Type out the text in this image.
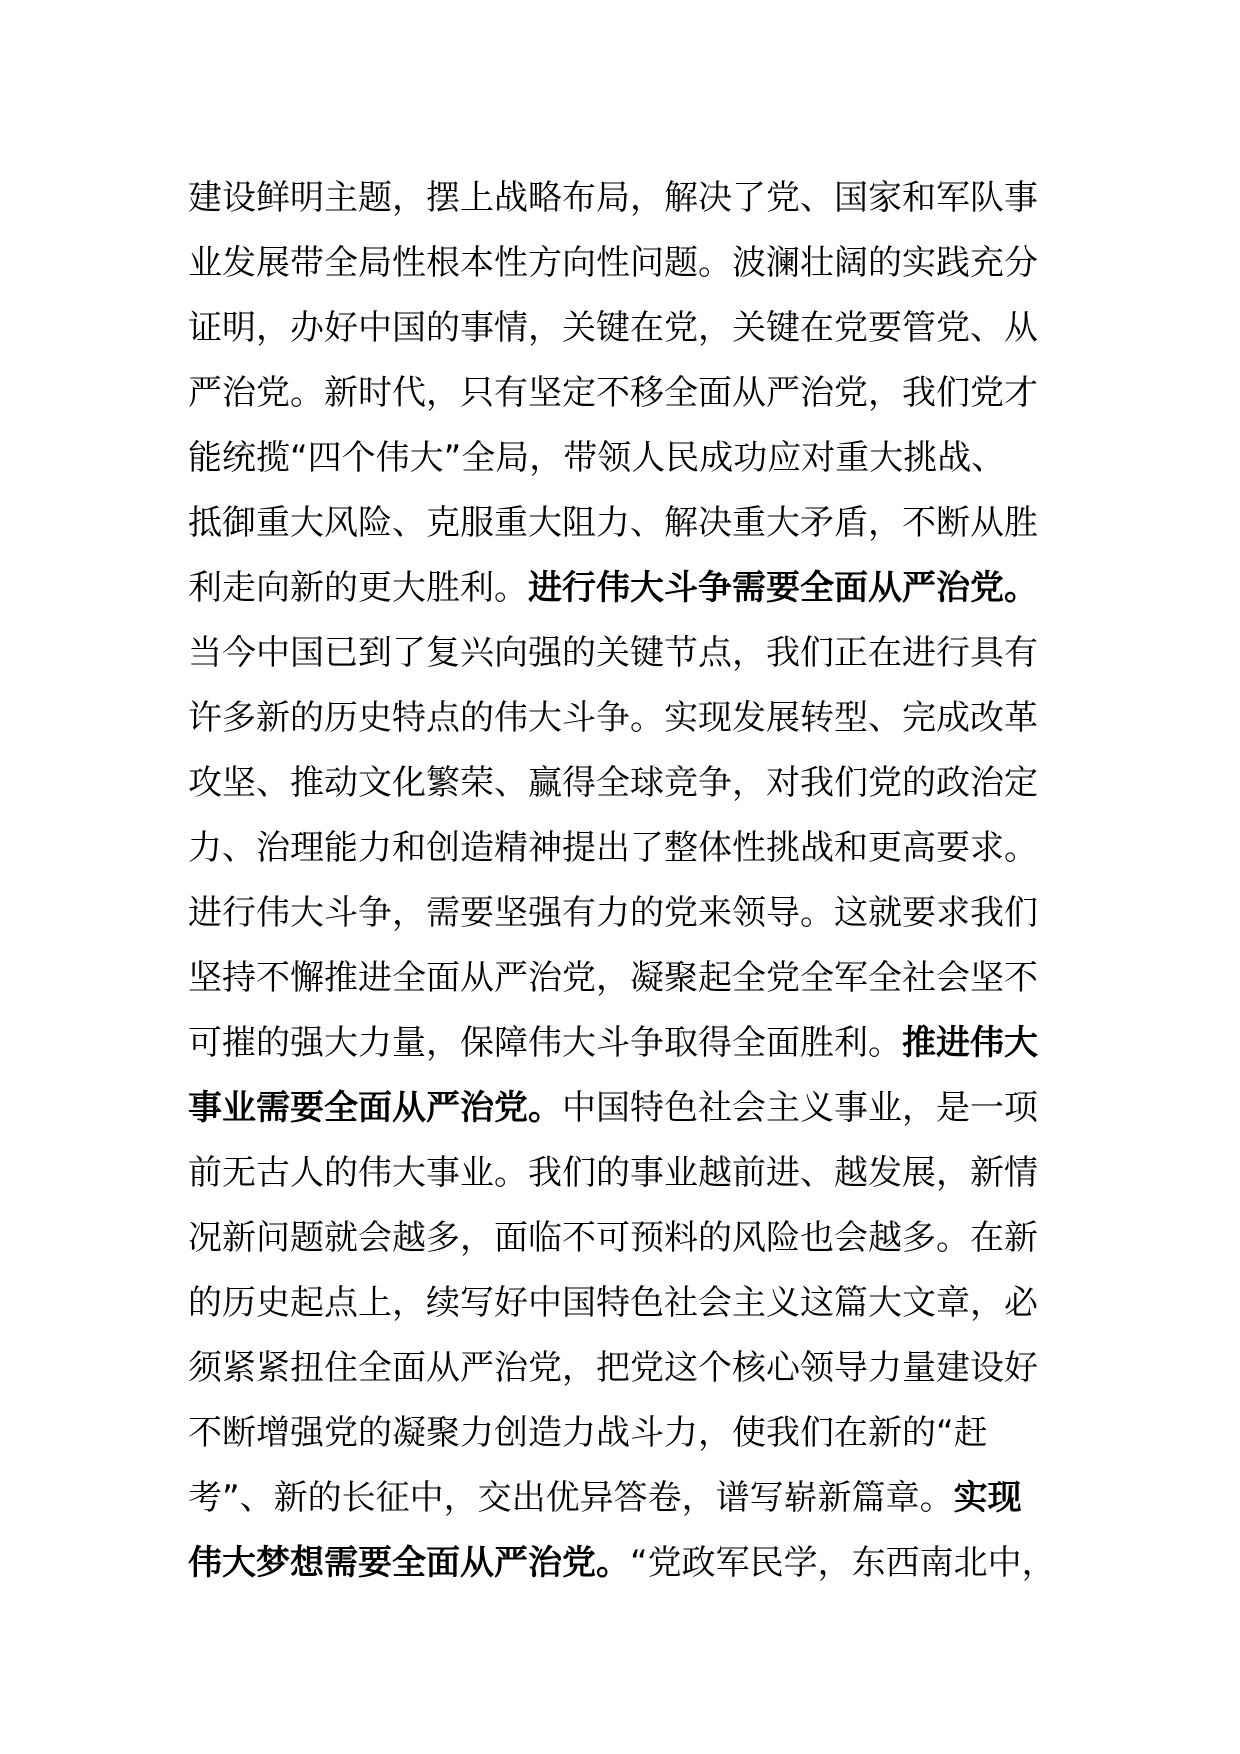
建设鲜明主题，摆上战略布局，解决了党、国家和军队事
业发展带全局性根本性方向性问题。波澜壮阔的实践充分
证明，办好中国的事情，关键在党，关键在党要管党、从
严治党。新时代，只有坚定不移全面从严治党，我们党才
能统揽“四个伟大”全局，带领人民成功应对重大挑战、
抵御重大风险、克服重大阻力、解决重大矛盾，不断从胜
利走向新的更大胜利。进行伟大斗争需要全面从严治党。
当今中国已到了复兴向强的关键节点，我们正在进行具有
许多新的历史特点的伟大斗争。实现发展转型、完成改革
攻坚、推动文化繁荣、赢得全球竞争，对我们党的政治定
力、治理能力和创造精神提出了整体性挑战和更高要求。
进行伟大斗争，需要坚强有力的党来领导。这就要求我们
坚持不懈推进全面从严治党，凝聚起全党全军全社会坚不
可摧的强大力量，保障伟大斗争取得全面胜利。推进伟大
事业需要全面从严治党。中国特色社会主义事业，是一项
前无古人的伟大事业。我们的事业越前进、越发展，新情
况新问题就会越多，面临不可预料的风险也会越多。在新
的历史起点上，续写好中国特色社会主义这篇大文章，必
须紧紧扭住全面从严治党，把党这个核心领导力量建设好
不断增强党的凝聚力创造力战斗力，使我们在新的“赶
考”、新的长征中，交出优异答卷，谱写崭新篇章。实现
伟大梦想需要全面从严治党。“党政军民学，东西南北中，
